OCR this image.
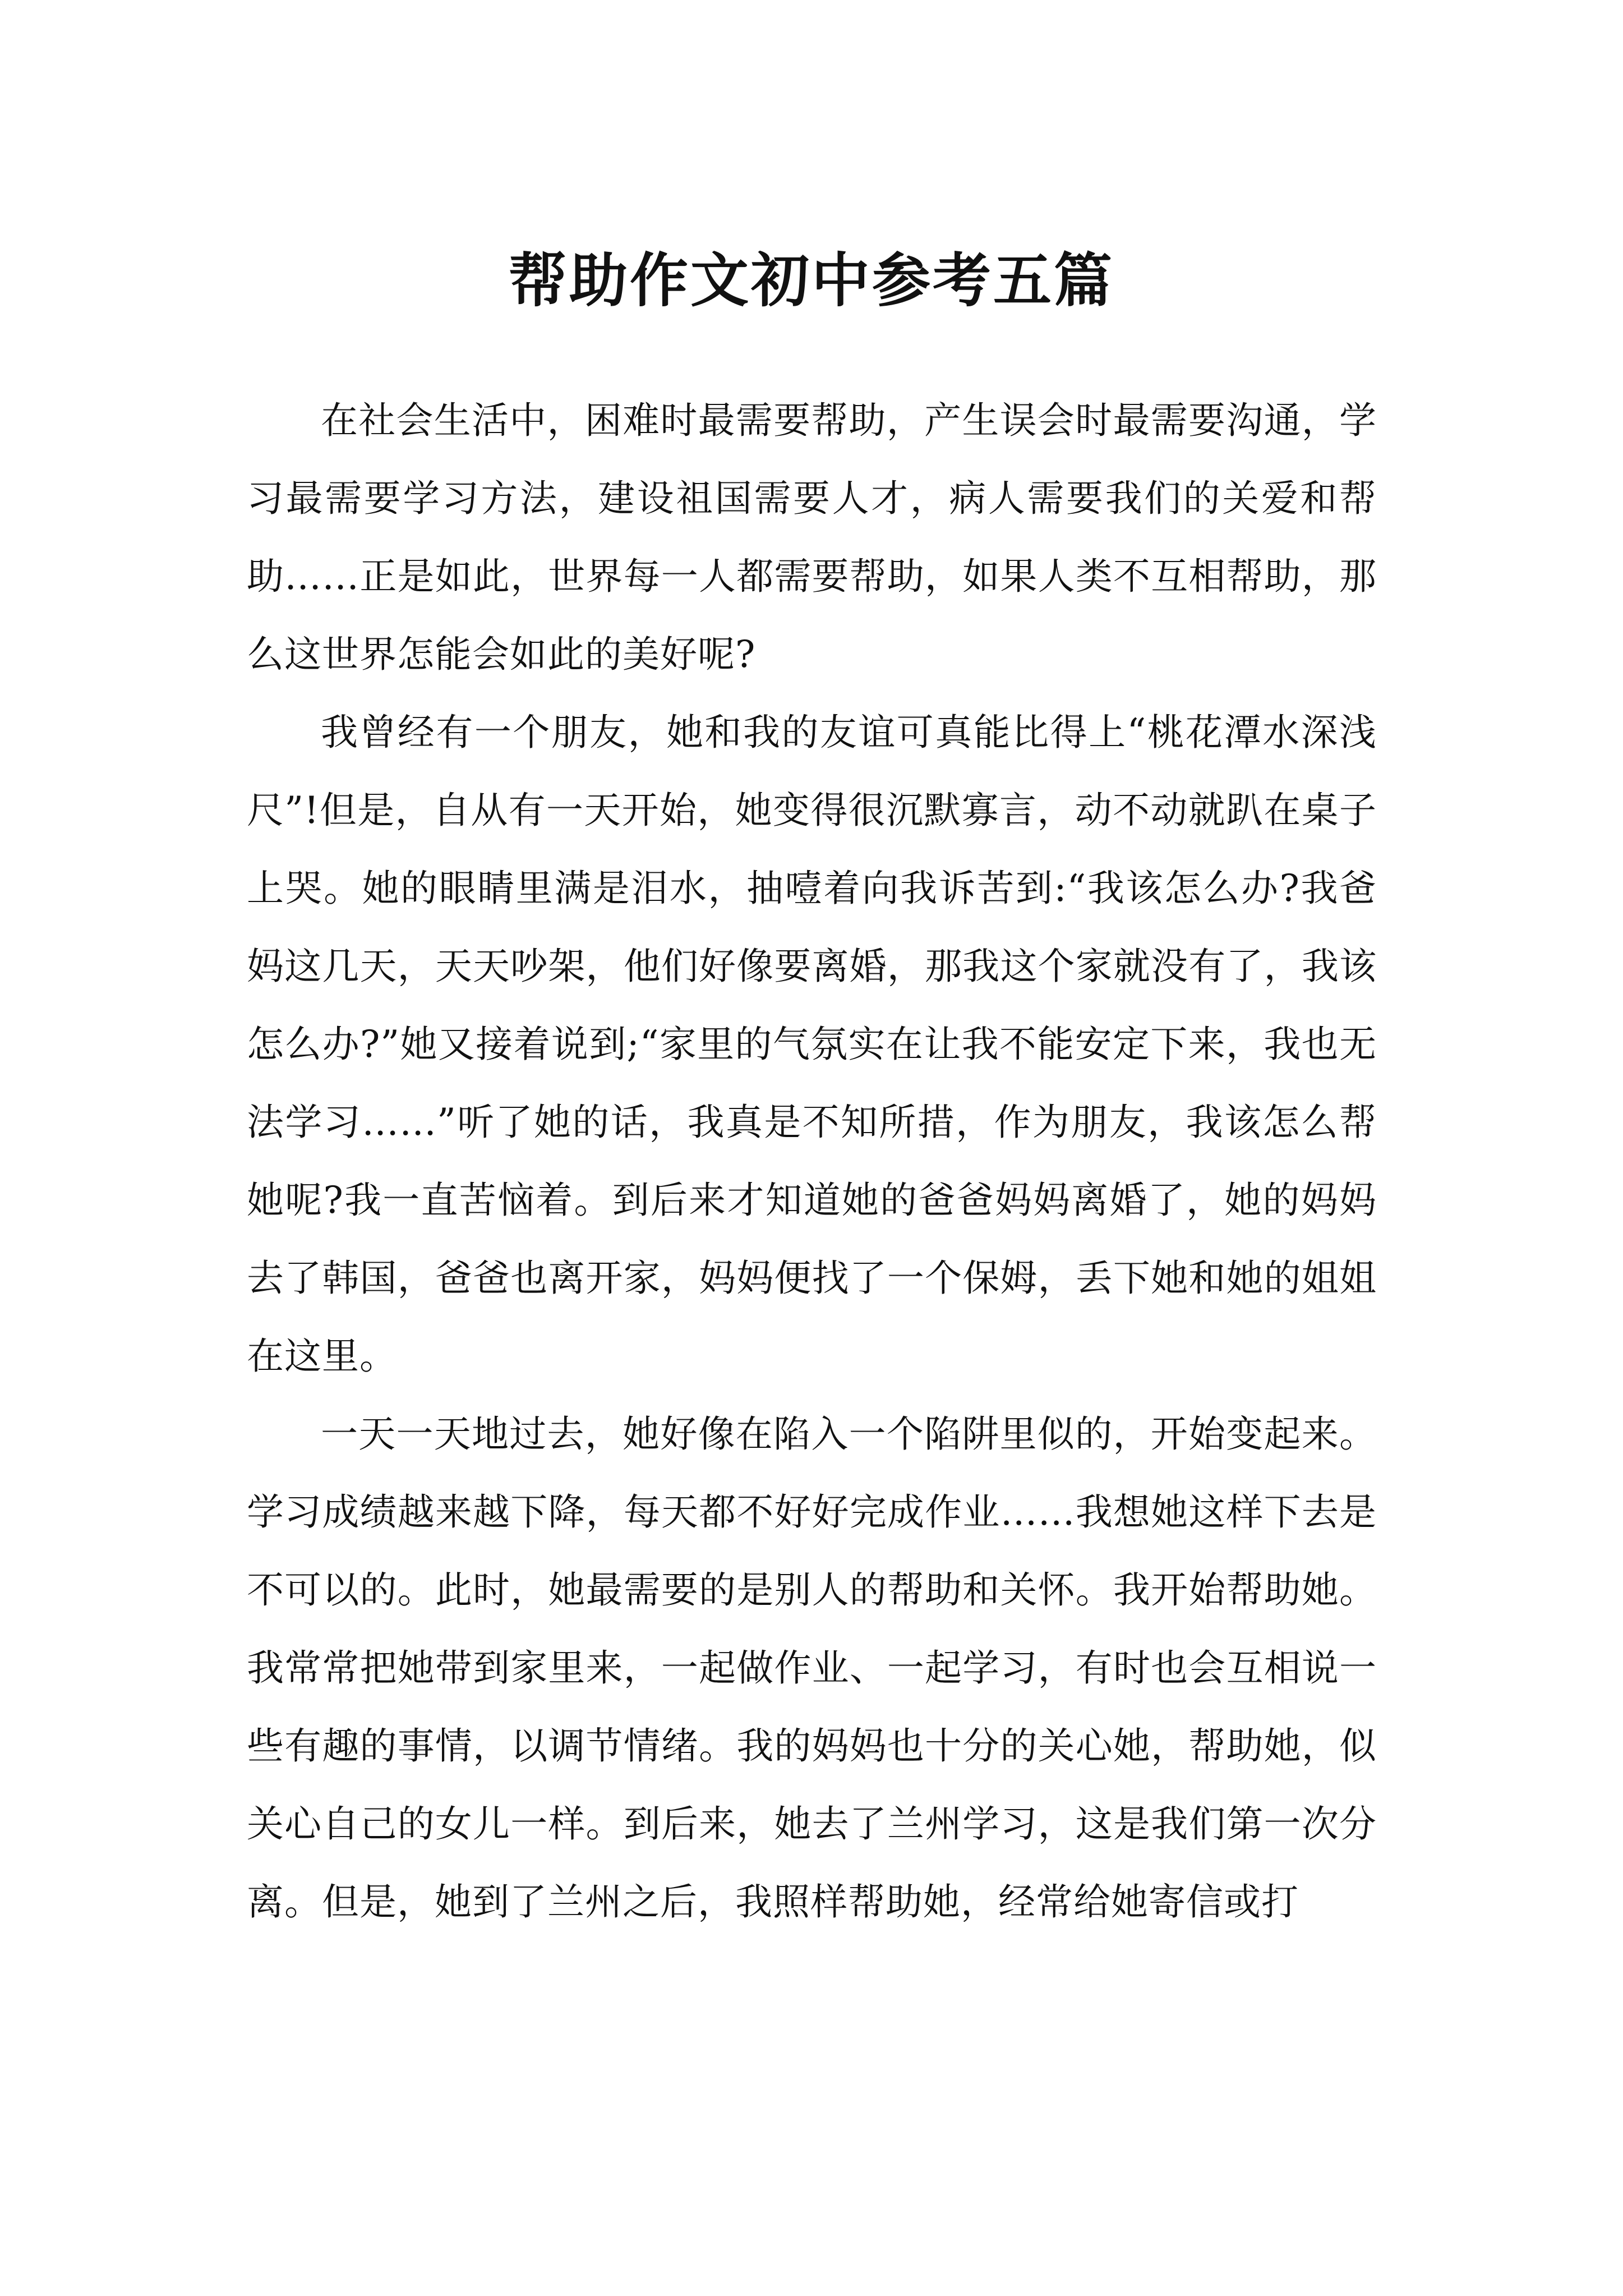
帮助作文初中参考五篇

在社会生活中，困难时最需要帮助，产生误会时最需要沟通，学习最需要学习方法，建设祖国需要人才，病人需要我们的关爱和帮助……正是如此，世界每一人都需要帮助，如果人类不互相帮助，那么这世界怎能会如此的美好呢?

我曾经有一个朋友，她和我的友谊可真能比得上“桃花潭水深浅尺”!但是，自从有一天开始，她变得很沉默寡言，动不动就趴在桌子上哭。她的眼睛里满是泪水，抽噎着向我诉苦到:“我该怎么办?我爸妈这几天，天天吵架，他们好像要离婚，那我这个家就没有了，我该怎么办?”她又接着说到;“家里的气氛实在让我不能安定下来，我也无法学习……”听了她的话，我真是不知所措，作为朋友，我该怎么帮她呢?我一直苦恼着。到后来才知道她的爸爸妈妈离婚了，她的妈妈去了韩国，爸爸也离开家，妈妈便找了一个保姆，丢下她和她的姐姐在这里。

一天一天地过去，她好像在陷入一个陷阱里似的，开始变起来。学习成绩越来越下降，每天都不好好完成作业……我想她这样下去是不可以的。此时，她最需要的是别人的帮助和关怀。我开始帮助她。我常常把她带到家里来，一起做作业、一起学习，有时也会互相说一些有趣的事情，以调节情绪。我的妈妈也十分的关心她，帮助她，似关心自己的女儿一样。到后来，她去了兰州学习，这是我们第一次分离。但是，她到了兰州之后，我照样帮助她，经常给她寄信或打
